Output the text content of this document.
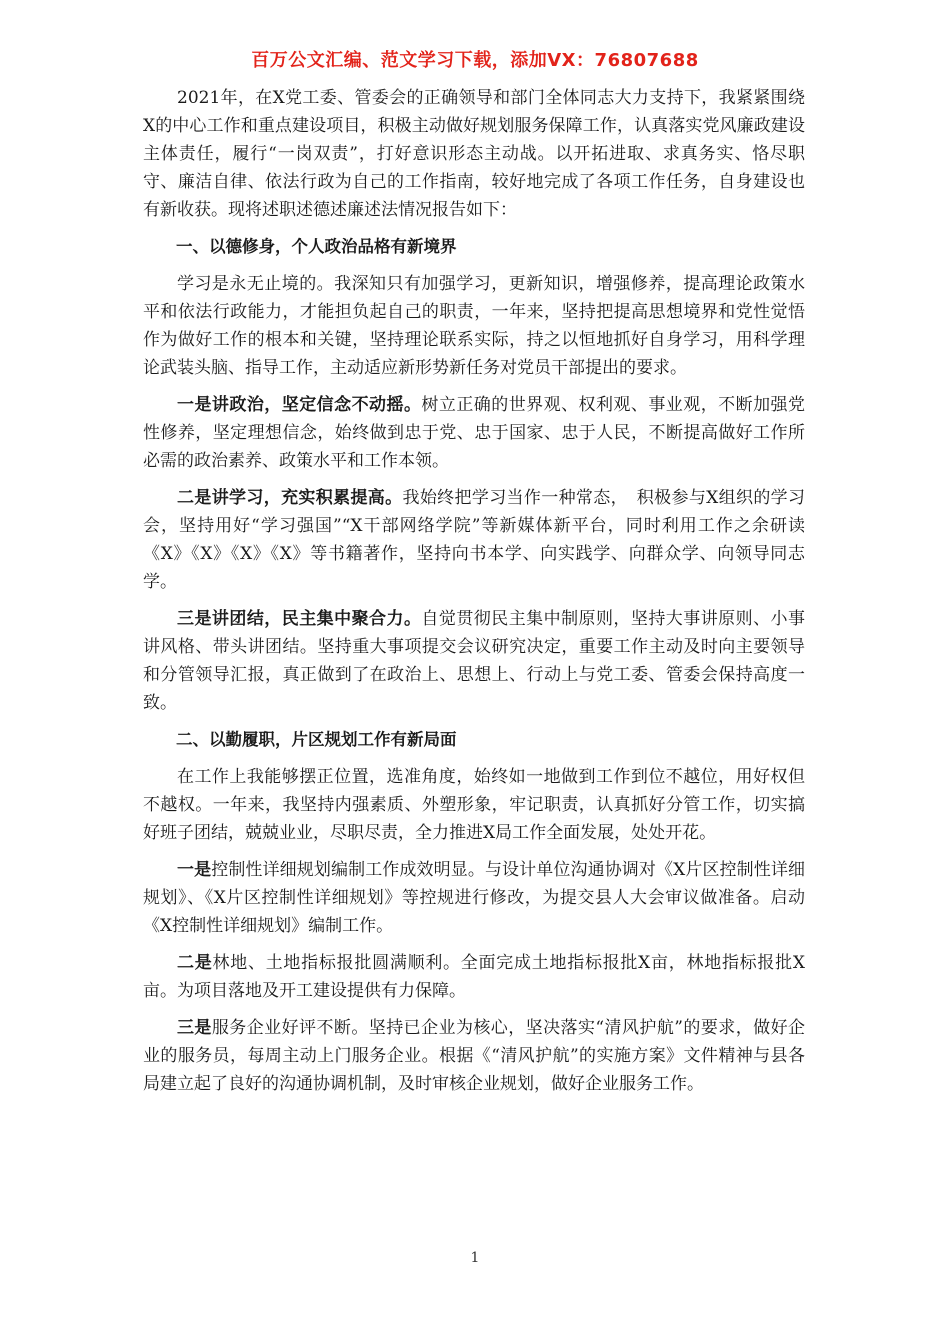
百万公文汇编、范文学习下载，添加VX：76807688

2021年，在X党工委、管委会的正确领导和部门全体同志大力支持下，我紧紧围绕X的中心工作和重点建设项目，积极主动做好规划服务保障工作，认真落实党风廉政建设主体责任，履行“一岗双责”，打好意识形态主动战。以开拓进取、求真务实、恪尽职守、廉洁自律、依法行政为自己的工作指南，较好地完成了各项工作任务，自身建设也有新收获。现将述职述德述廉述法情况报告如下：

一、以德修身，个人政治品格有新境界

学习是永无止境的。我深知只有加强学习，更新知识，增强修养，提高理论政策水平和依法行政能力，才能担负起自己的职责，一年来，坚持把提高思想境界和党性觉悟作为做好工作的根本和关键，坚持理论联系实际，持之以恒地抓好自身学习，用科学理论武装头脑、指导工作，主动适应新形势新任务对党员干部提出的要求。

一是讲政治，坚定信念不动摇。树立正确的世界观、权利观、事业观，不断加强党性修养，坚定理想信念，始终做到忠于党、忠于国家、忠于人民，不断提高做好工作所必需的政治素养、政策水平和工作本领。

二是讲学习，充实积累提高。我始终把学习当作一种常态，　积极参与X组织的学习会，坚持用好“学习强国”“X干部网络学院”等新媒体新平台，同时利用工作之余研读《X》《X》《X》《X》等书籍著作，坚持向书本学、向实践学、向群众学、向领导同志学。

三是讲团结，民主集中聚合力。自觉贯彻民主集中制原则，坚持大事讲原则、小事讲风格、带头讲团结。坚持重大事项提交会议研究决定，重要工作主动及时向主要领导和分管领导汇报，真正做到了在政治上、思想上、行动上与党工委、管委会保持高度一致。

二、以勤履职，片区规划工作有新局面

在工作上我能够摆正位置，选准角度，始终如一地做到工作到位不越位，用好权但不越权。一年来，我坚持内强素质、外塑形象，牢记职责，认真抓好分管工作，切实搞好班子团结，兢兢业业，尽职尽责，全力推进X局工作全面发展，处处开花。

一是控制性详细规划编制工作成效明显。与设计单位沟通协调对《X片区控制性详细规划》、《X片区控制性详细规划》等控规进行修改，为提交县人大会审议做准备。启动《X控制性详细规划》编制工作。

二是林地、土地指标报批圆满顺利。全面完成土地指标报批X亩，林地指标报批X亩。为项目落地及开工建设提供有力保障。

三是服务企业好评不断。坚持已企业为核心，坚决落实“清风护航”的要求，做好企业的服务员，每周主动上门服务企业。根据《“清风护航”的实施方案》文件精神与县各局建立起了良好的沟通协调机制，及时审核企业规划，做好企业服务工作。

1
